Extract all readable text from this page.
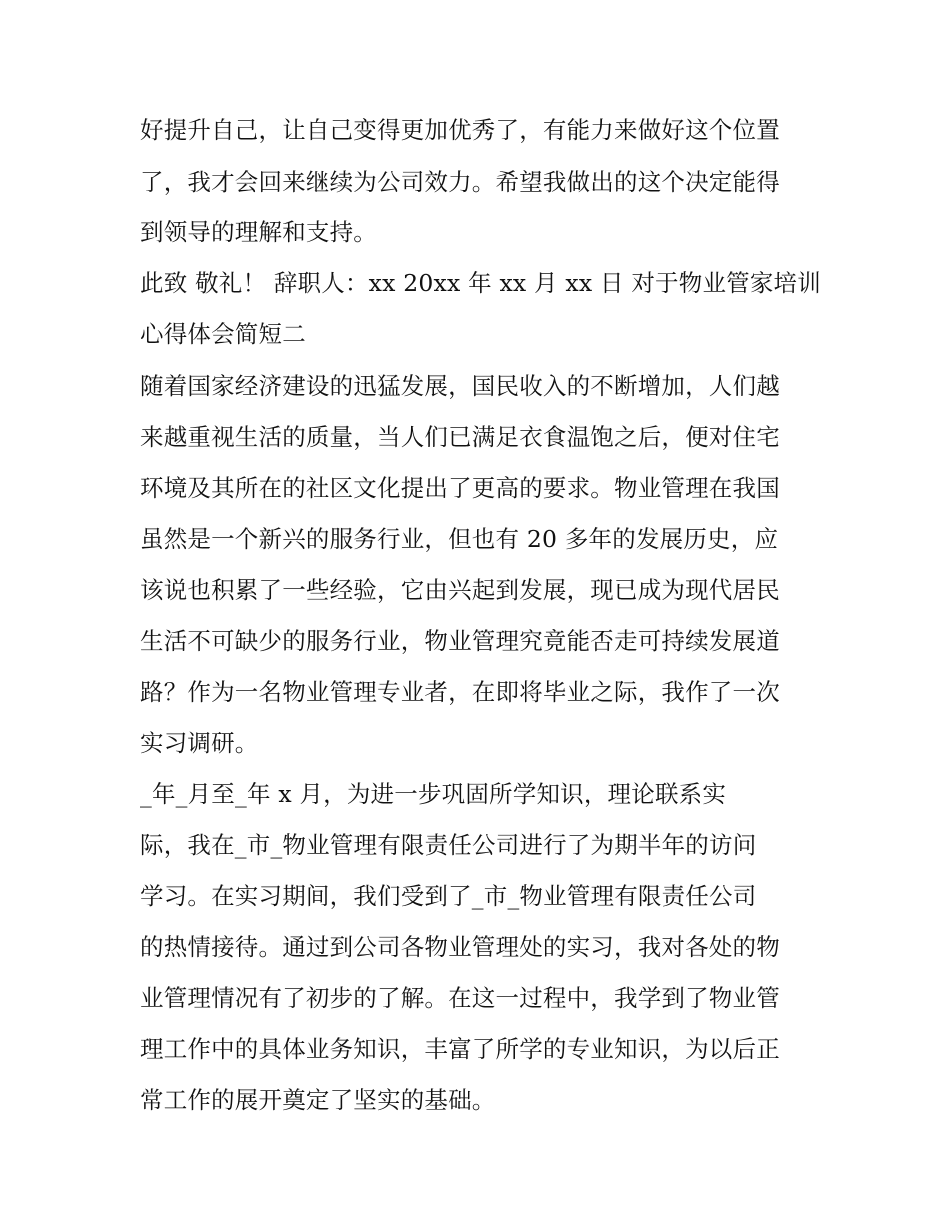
好提升自己，让自己变得更加优秀了，有能力来做好这个位置
了，我才会回来继续为公司效力。希望我做出的这个决定能得
到领导的理解和支持。
此致 敬礼！ 辞职人：xx 20xx 年 xx 月 xx 日 对于物业管家培训
心得体会简短二
随着国家经济建设的迅猛发展，国民收入的不断增加，人们越
来越重视生活的质量，当人们已满足衣食温饱之后，便对住宅
环境及其所在的社区文化提出了更高的要求。物业管理在我国
虽然是一个新兴的服务行业，但也有 20 多年的发展历史，应
该说也积累了一些经验，它由兴起到发展，现已成为现代居民
生活不可缺少的服务行业，物业管理究竟能否走可持续发展道
路？作为一名物业管理专业者，在即将毕业之际，我作了一次
实习调研。
_年_月至_年 x 月，为进一步巩固所学知识，理论联系实
际，我在_市_物业管理有限责任公司进行了为期半年的访问
学习。在实习期间，我们受到了_市_物业管理有限责任公司
的热情接待。通过到公司各物业管理处的实习，我对各处的物
业管理情况有了初步的了解。在这一过程中，我学到了物业管
理工作中的具体业务知识，丰富了所学的专业知识，为以后正
常工作的展开奠定了坚实的基础。
